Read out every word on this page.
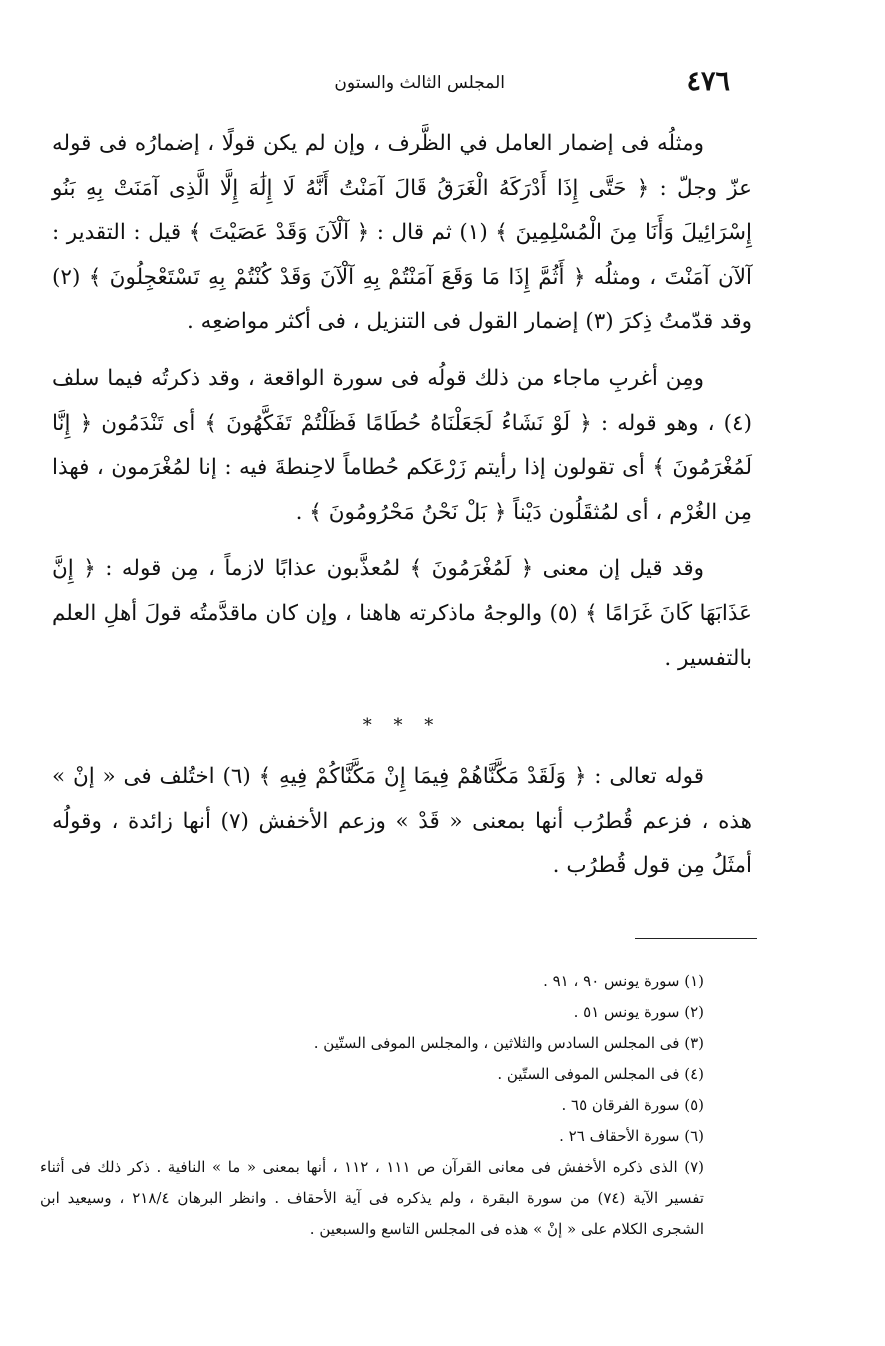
٤٧٦
المجلس الثالث والستون

ومثلُه فى إضمار العامل في الظَّرف ، وإن لم يكن قولًا ، إضمارُه فى قوله عزّ وجلّ : ﴿ حَتَّى إِذَا أَدْرَكَهُ الْغَرَقُ قَالَ آمَنْتُ أَنَّهُ لَا إِلَٰهَ إِلَّا الَّذِى آمَنَتْ بِهِ بَنُو إِسْرَائِيلَ وَأَنَا مِنَ الْمُسْلِمِينَ ﴾ (١) ثم قال : ﴿ آلْآنَ وَقَدْ عَصَيْتَ ﴾ قيل : التقدير : آلآن آمَنْتَ ، ومثلُه ﴿ أَثُمَّ إِذَا مَا وَقَعَ آمَنْتُمْ بِهِ آلْآنَ وَقَدْ كُنْتُمْ بِهِ تَسْتَعْجِلُونَ ﴾ (٢) وقد قدّمتُ ذِكرَ (٣) إضمار القول فى التنزيل ، فى أكثر مواضعِه .

ومِن أغربِ ماجاء من ذلك قولُه فى سورة الواقعة ، وقد ذكرتُه فيما سلف (٤) ، وهو قوله : ﴿ لَوْ نَشَاءُ لَجَعَلْنَاهُ حُطَامًا فَظَلْتُمْ تَفَكَّهُونَ ﴾ أى تَنْدَمُون ﴿ إِنَّا لَمُغْرَمُونَ ﴾ أى تقولون إذا رأيتم زَرْعَكم حُطاماً لاحِنطةَ فيه : إنا لمُغْرَمون ، فهذا مِن الغُرْم ، أى لمُثقَلُون دَيْناً ﴿ بَلْ نَحْنُ مَحْرُومُونَ ﴾ .

وقد قيل إن معنى ﴿ لَمُغْرَمُونَ ﴾ لمُعذَّبون عذابًا لازماً ، مِن قوله : ﴿ إِنَّ عَذَابَهَا كَانَ غَرَامًا ﴾ (٥) والوجهُ ماذكرته هاهنا ، وإن كان ماقدَّمتُه قولَ أهلِ العلم بالتفسير .

* * *

قوله تعالى : ﴿ وَلَقَدْ مَكَّنَّاهُمْ فِيمَا إِنْ مَكَّنَّاكُمْ فِيهِ ﴾ (٦) اختُلف فى « إنْ » هذه ، فزعم قُطرُب أنها بمعنى « قَدْ » وزعم الأخفش (٧) أنها زائدة ، وقولُه أمثَلُ مِن قول قُطرُب .

(١) سورة يونس ٩٠ ، ٩١ .

(٢) سورة يونس ٥١ .

(٣) فى المجلس السادس والثلاثين ، والمجلس الموفى الستّين .

(٤) فى المجلس الموفى الستّين .

(٥) سورة الفرقان ٦٥ .

(٦) سورة الأحقاف ٢٦ .

(٧) الذى ذكره الأخفش فى معانى القرآن ص ١١١ ، ١١٢ ، أنها بمعنى « ما » النافية . ذكر ذلك فى أثناء تفسير الآية (٧٤) من سورة البقرة ، ولم يذكره فى آية الأحقاف . وانظر البرهان ٢١٨/٤ ، وسيعيد ابن الشجرى الكلام على « إنْ » هذه فى المجلس التاسع والسبعين .
